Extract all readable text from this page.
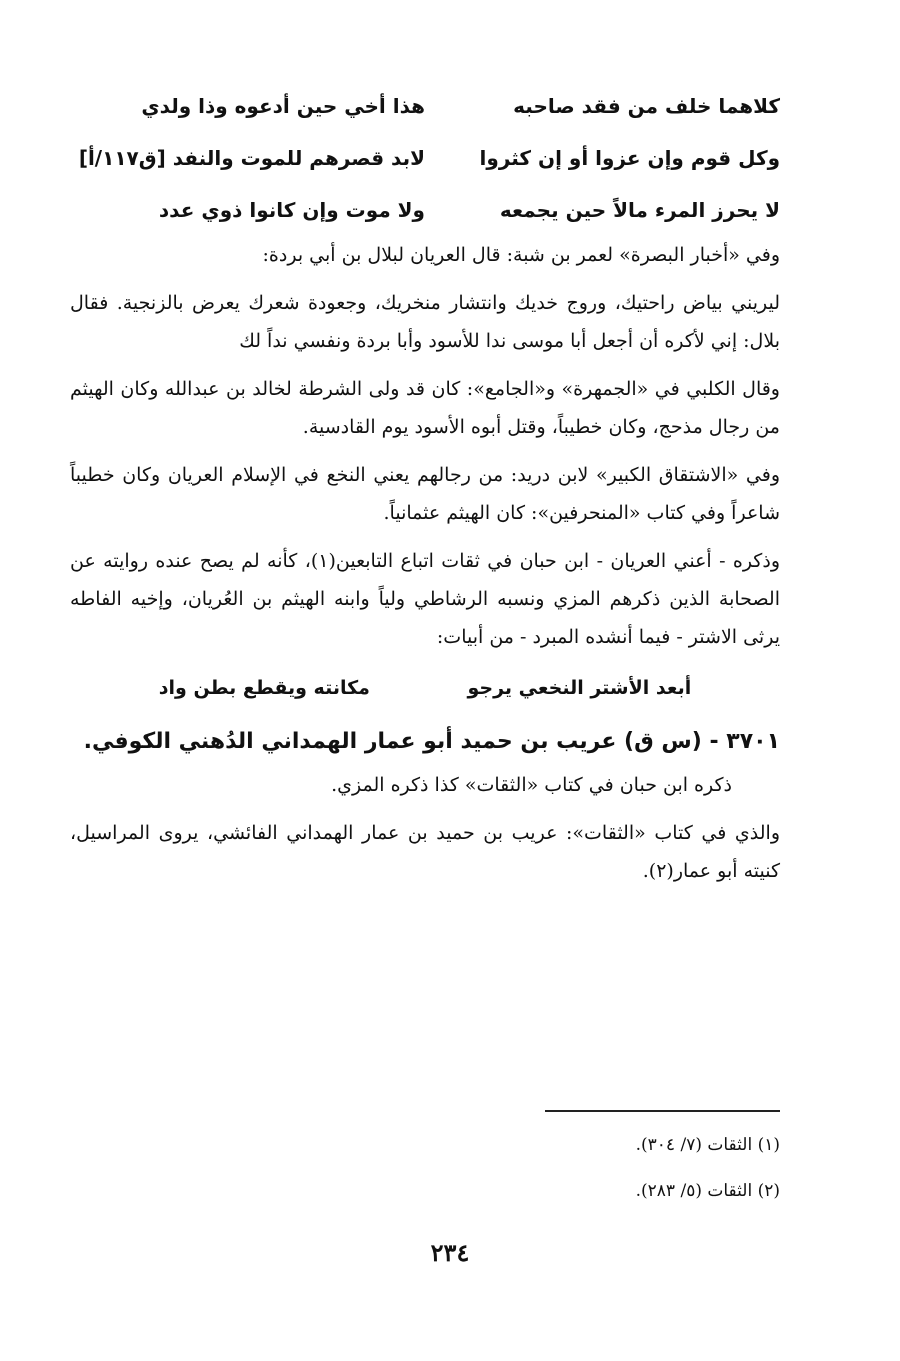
كلاهما خلف من فقد صاحبه
هذا أخي حين أدعوه وذا ولدي
وكل قوم وإن عزوا أو إن كثروا
لابد قصرهم للموت والنفد [ق١١٧/أ]
لا يحرز المرء مالاً حين يجمعه
ولا موت وإن كانوا ذوي عدد

وفي «أخبار البصرة» لعمر بن شبة: قال العريان لبلال بن أبي بردة:

ليريني بياض راحتيك، وروج خديك وانتشار منخريك، وجعودة شعرك يعرض بالزنجية. فقال بلال: إني لأكره أن أجعل أبا موسى ندا للأسود وأبا بردة ونفسي نداً لك

وقال الكلبي في «الجمهرة» و«الجامع»: كان قد ولى الشرطة لخالد بن عبدالله وكان الهيثم من رجال مذحج، وكان خطيباً، وقتل أبوه الأسود يوم القادسية.

وفي «الاشتقاق الكبير» لابن دريد: من رجالهم يعني النخع في الإسلام العريان وكان خطيباً شاعراً وفي كتاب «المنحرفين»: كان الهيثم عثمانياً.

وذكره - أعني العريان - ابن حبان في ثقات اتباع التابعين(١)، كأنه لم يصح عنده روايته عن الصحابة الذين ذكرهم المزي ونسبه الرشاطي ولياً وابنه الهيثم بن العُريان، وإخيه الفاطه يرثى الاشتر - فيما أنشده المبرد - من أبيات:

أبعد الأشتر النخعي يرجو
مكانته ويقطع بطن واد
٣٧٠١ - (س ق) عريب بن حميد أبو عمار الهمداني الدُهني الكوفي.

ذكره ابن حبان في كتاب «الثقات» كذا ذكره المزي.

والذي في كتاب «الثقات»: عريب بن حميد بن عمار الهمداني الفائشي، يروى المراسيل، كنيته أبو عمار(٢).

(١) الثقات (٧/ ٣٠٤).
(٢) الثقات (٥/ ٢٨٣).
٢٣٤
